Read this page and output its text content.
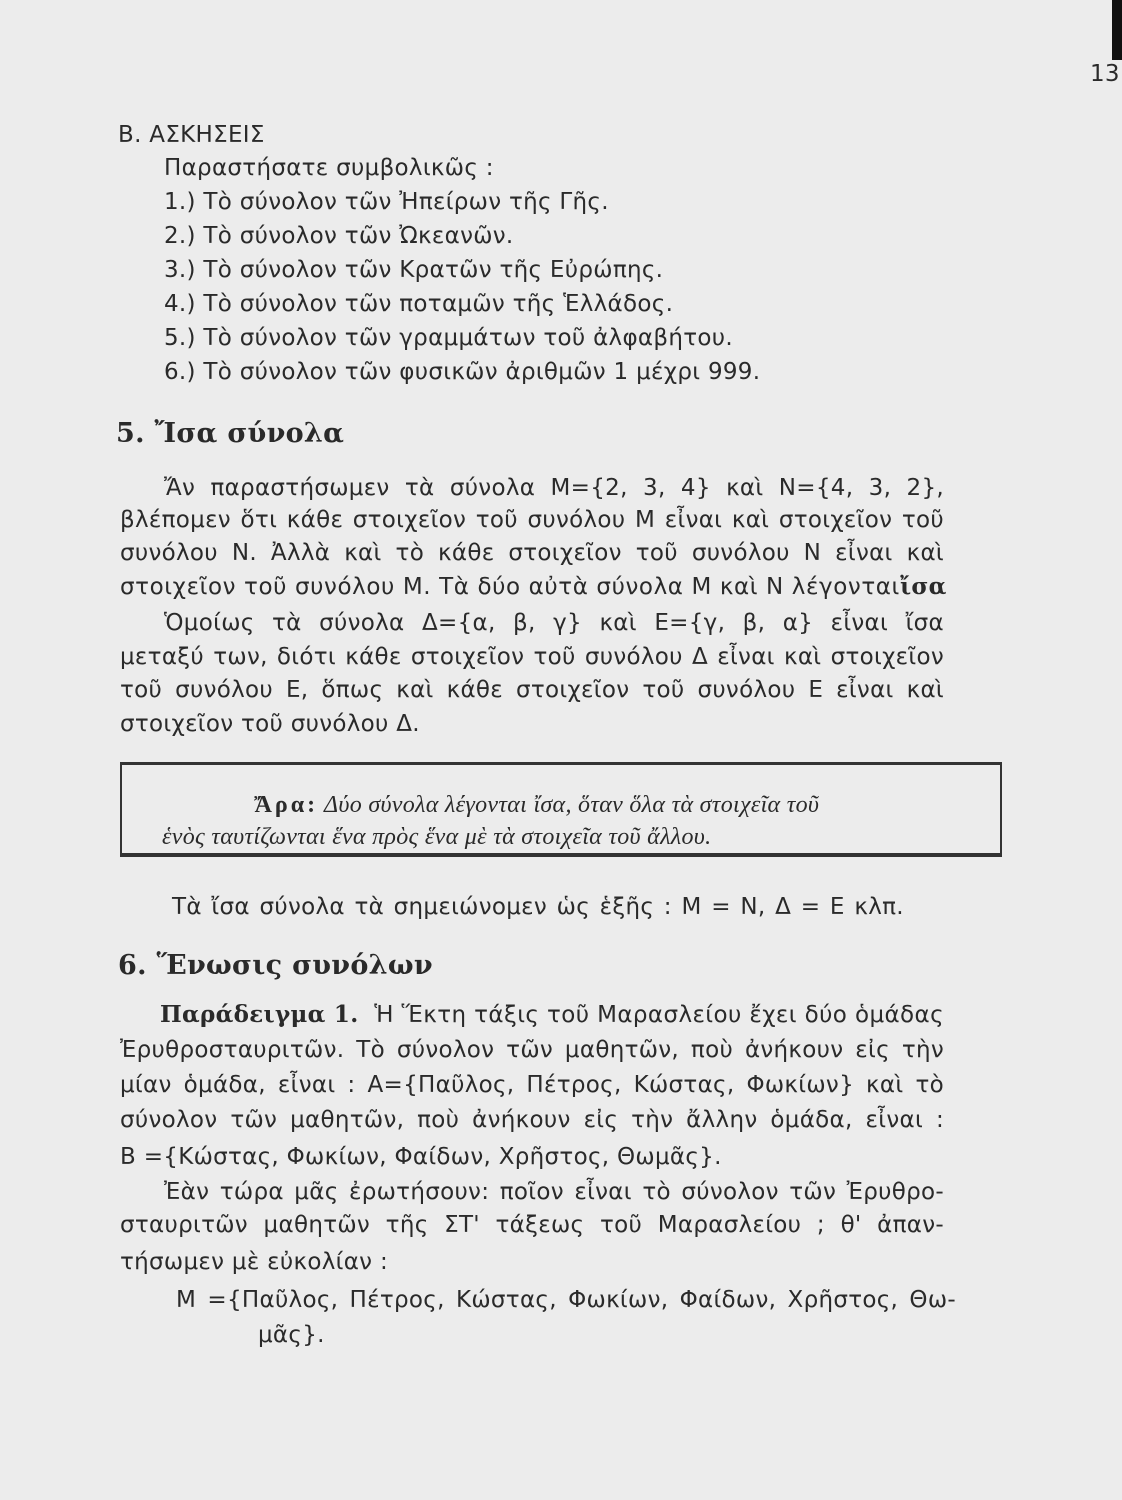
13
Β. ΑΣΚΗΣΕΙΣ
Παραστήσατε συμβολικῶς :
1.) Τὸ σύνολον τῶν Ἠπείρων τῆς Γῆς.
2.) Τὸ σύνολον τῶν Ὠκεανῶν.
3.) Τὸ σύνολον τῶν Κρατῶν τῆς Εὐρώπης.
4.) Τὸ σύνολον τῶν ποταμῶν τῆς Ἑλλάδος.
5.) Τὸ σύνολον τῶν γραμμάτων τοῦ ἀλφαβήτου.
6.) Τὸ σύνολον τῶν φυσικῶν ἀριθμῶν 1 μέχρι 999.
5. Ἴσα σύνολα
Ἄν παραστήσωμεν τὰ σύνολα Μ={2, 3, 4} καὶ Ν={4, 3, 2},
βλέπομεν ὅτι κάθε στοιχεῖον τοῦ συνόλου Μ εἶναι καὶ στοιχεῖον τοῦ
συνόλου Ν. Ἀλλὰ καὶ τὸ κάθε στοιχεῖον τοῦ συνόλου Ν εἶναι καὶ
στοιχεῖον τοῦ συνόλου Μ. Τὰ δύο αὐτὰ σύνολα Μ καὶ Ν λέγονται ἴσα
Ὁμοίως τὰ σύνολα Δ={α, β, γ} καὶ Ε={γ, β, α} εἶναι ἴσα
μεταξύ των, διότι κάθε στοιχεῖον τοῦ συνόλου Δ εἶναι καὶ στοιχεῖον
τοῦ συνόλου Ε, ὅπως καὶ κάθε στοιχεῖον τοῦ συνόλου Ε εἶναι καὶ
στοιχεῖον τοῦ συνόλου Δ.
Ἄρα: Δύο σύνολα λέγονται ἴσα, ὅταν ὅλα τὰ στοιχεῖα τοῦ
ἑνὸς ταυτίζωνται ἕνα πρὸς ἕνα μὲ τὰ στοιχεῖα τοῦ ἄλλου.
Τὰ ἴσα σύνολα τὰ σημειώνομεν ὡς ἑξῆς : Μ = Ν, Δ = Ε κλπ.
6. Ἕνωσις συνόλων
Παράδειγμα 1. Ἡ Ἕκτη τάξις τοῦ Μαρασλείου ἔχει δύο ὁμάδας
Ἐρυθροσταυριτῶν. Τὸ σύνολον τῶν μαθητῶν, ποὺ ἀνήκουν εἰς τὴν
μίαν ὁμάδα, εἶναι : Α={Παῦλος, Πέτρος, Κώστας, Φωκίων} καὶ τὸ
σύνολον τῶν μαθητῶν, ποὺ ἀνήκουν εἰς τὴν ἄλλην ὁμάδα, εἶναι :
Β ={Κώστας, Φωκίων, Φαίδων, Χρῆστος, Θωμᾶς}.
Ἐὰν τώρα μᾶς ἐρωτήσουν: ποῖον εἶναι τὸ σύνολον τῶν Ἐρυθρο-
σταυριτῶν μαθητῶν τῆς ΣΤ' τάξεως τοῦ Μαρασλείου ; θ' ἀπαν-
τήσωμεν μὲ εὐκολίαν :
Μ ={Παῦλος, Πέτρος, Κώστας, Φωκίων, Φαίδων, Χρῆστος, Θω-
μᾶς}.
